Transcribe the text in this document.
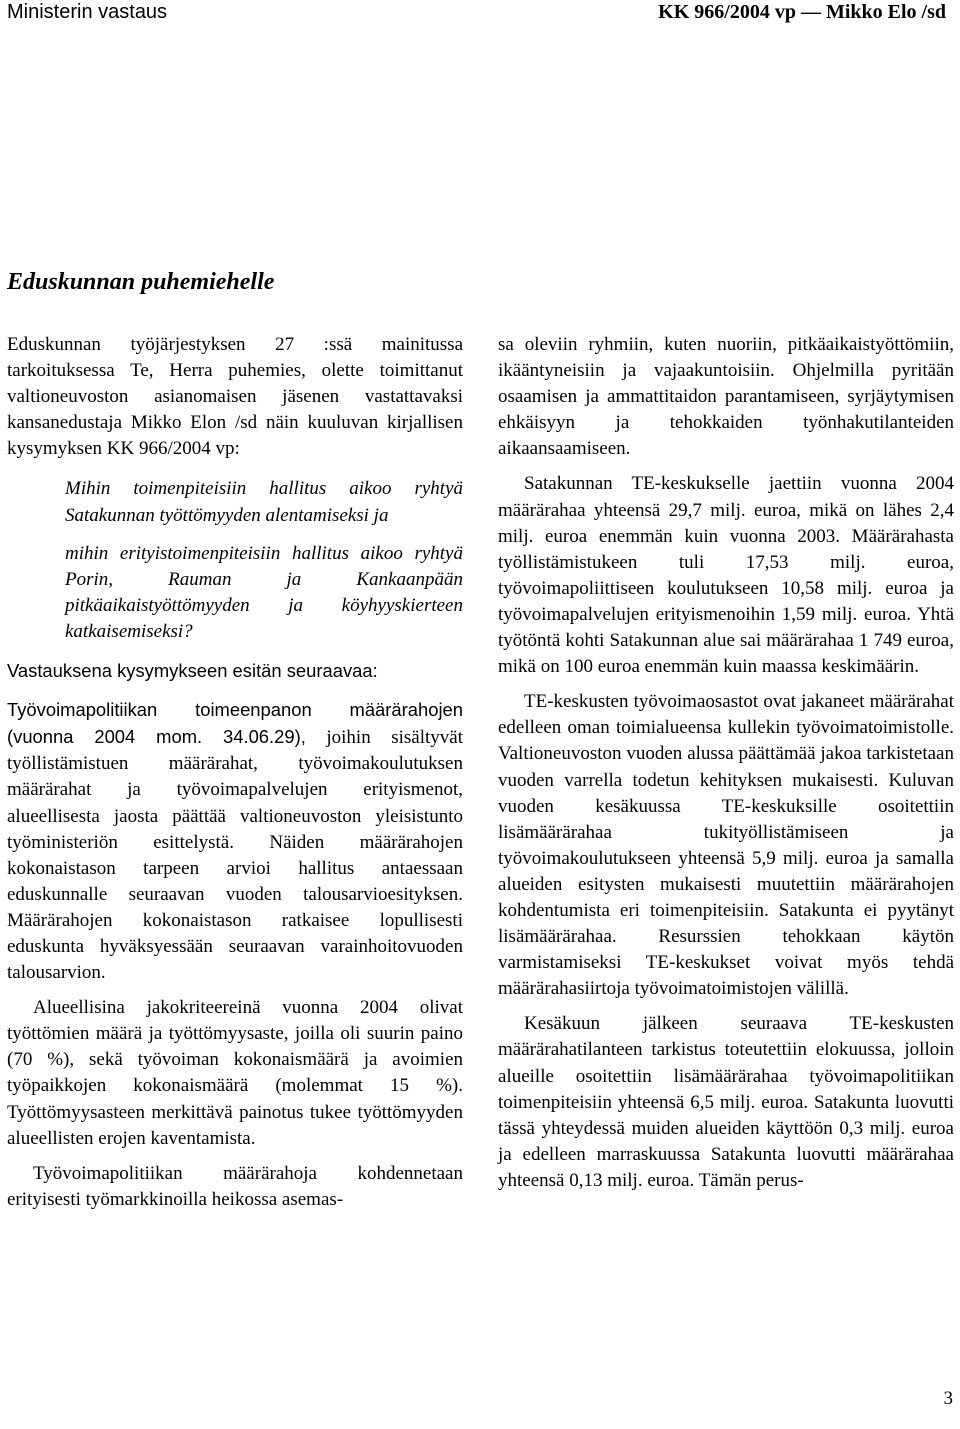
Ministerin vastaus	KK 966/2004 vp — Mikko Elo /sd
Eduskunnan puhemiehelle

Eduskunnan työjärjestyksen 27 :ssä mainitussa tarkoituksessa Te, Herra puhemies, olette toimittanut valtioneuvoston asianomaisen jäsenen vastattavaksi kansanedustaja Mikko Elon /sd näin kuuluvan kirjallisen kysymyksen KK 966/2004 vp:

Mihin toimenpiteisiin hallitus aikoo ryhtyä Satakunnan työttömyyden alentamiseksi ja

mihin erityistoimenpiteisiin hallitus aikoo ryhtyä Porin, Rauman ja Kankaanpään pitkäaikaistyöttömyyden ja köyhyyskierteen katkaisemiseksi?

Vastauksena kysymykseen esitän seuraavaa:

Työvoimapolitiikan toimeenpanon määrärahojen (vuonna 2004 mom. 34.06.29), joihin sisältyvät työllistämistuen määrärahat, työvoimakoulutuksen määrärahat ja työvoimapalvelujen erityismenot, alueellisesta jaosta päättää valtioneuvoston yleisistunto työministeriön esittelystä. Näiden määrärahojen kokonaistason tarpeen arvioi hallitus antaessaan eduskunnalle seuraavan vuoden talousarvioesityksen. Määrärahojen kokonaistason ratkaisee lopullisesti eduskunta hyväksyessään seuraavan varainhoitovuoden talousarvion.

Alueellisina jakokriteereinä vuonna 2004 olivat työttömien määrä ja työttömyysaste, joilla oli suurin paino (70 %), sekä työvoiman kokonaismäärä ja avoimien työpaikkojen kokonaismäärä (molemmat 15 %). Työttömyysasteen merkittävä painotus tukee työttömyyden alueellisten erojen kaventamista.

Työvoimapolitiikan määrärahoja kohdennetaan erityisesti työmarkkinoilla heikossa asemas-

sa oleviin ryhmiin, kuten nuoriin, pitkäaikaistyöttömiin, ikääntyneisiin ja vajaakuntoisiin. Ohjelmilla pyritään osaamisen ja ammattitaidon parantamiseen, syrjäytymisen ehkäisyyn ja tehokkaiden työnhakutilanteiden aikaansaamiseen.

Satakunnan TE-keskukselle jaettiin vuonna 2004 määrärahaa yhteensä 29,7 milj. euroa, mikä on lähes 2,4 milj. euroa enemmän kuin vuonna 2003. Määrärahasta työllistämistukeen tuli 17,53 milj. euroa, työvoimapoliittiseen koulutukseen 10,58 milj. euroa ja työvoimapalvelujen erityismenoihin 1,59 milj. euroa. Yhtä työtöntä kohti Satakunnan alue sai määrärahaa 1 749 euroa, mikä on 100 euroa enemmän kuin maassa keskimäärin.

TE-keskusten työvoimaosastot ovat jakaneet määrärahat edelleen oman toimialueensa kullekin työvoimatoimistolle. Valtioneuvoston vuoden alussa päättämää jakoa tarkistetaan vuoden varrella todetun kehityksen mukaisesti. Kuluvan vuoden kesäkuussa TE-keskuksille osoitettiin lisämäärärahaa tukityöllistämiseen ja työvoimakoulutukseen yhteensä 5,9 milj. euroa ja samalla alueiden esitysten mukaisesti muutettiin määrärahojen kohdentumista eri toimenpiteisiin. Satakunta ei pyytänyt lisämäärärahaa. Resurssien tehokkaan käytön varmistamiseksi TE-keskukset voivat myös tehdä määrärahasiirtoja työvoimatoimistojen välillä.

Kesäkuun jälkeen seuraava TE-keskusten määrärahatilanteen tarkistus toteutettiin elokuussa, jolloin alueille osoitettiin lisämäärärahaa työvoimapolitiikan toimenpiteisiin yhteensä 6,5 milj. euroa. Satakunta luovutti tässä yhteydessä muiden alueiden käyttöön 0,3 milj. euroa ja edelleen marraskuussa Satakunta luovutti määrärahaa yhteensä 0,13 milj. euroa. Tämän perus-

3
